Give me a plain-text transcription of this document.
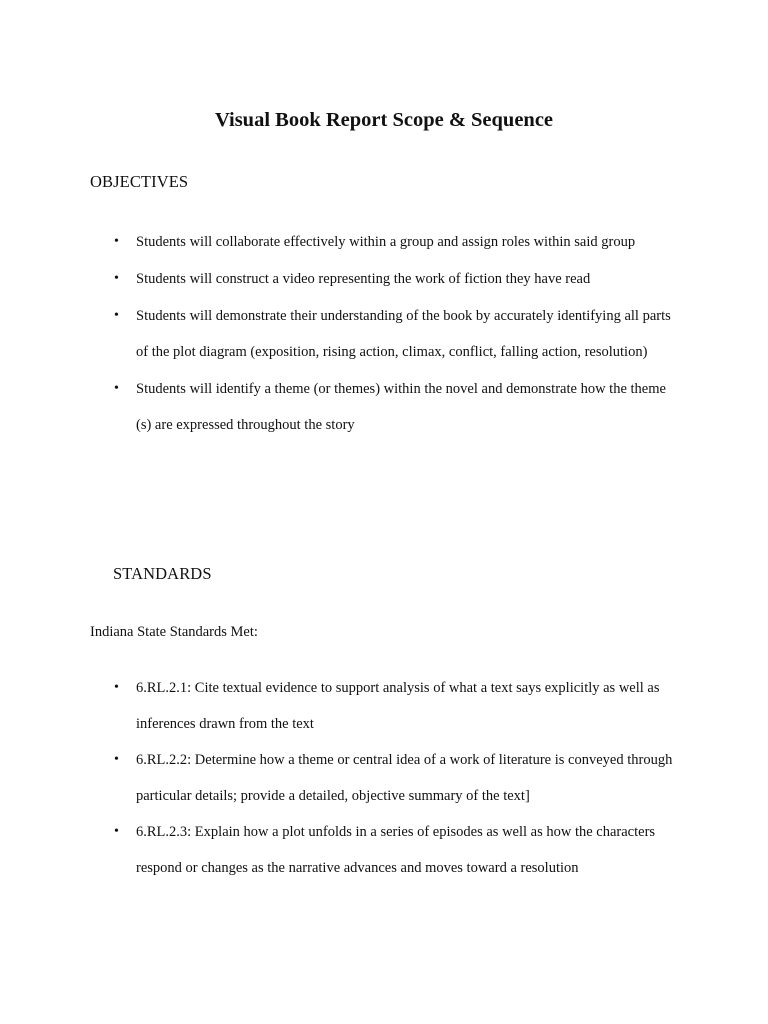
Visual Book Report Scope & Sequence
OBJECTIVES
• Students will collaborate effectively within a group and assign roles within said group
• Students will construct a video representing the work of fiction they have read
• Students will demonstrate their understanding of the book by accurately identifying all parts of the plot diagram (exposition, rising action, climax, conflict, falling action, resolution)
• Students will identify a theme (or themes) within the novel and demonstrate how the theme (s) are expressed throughout the story
STANDARDS

Indiana State Standards Met:

• 6.RL.2.1: Cite textual evidence to support analysis of what a text says explicitly as well as inferences drawn from the text
• 6.RL.2.2: Determine how a theme or central idea of a work of literature is conveyed through particular details; provide a detailed, objective summary of the text]
• 6.RL.2.3: Explain how a plot unfolds in a series of episodes as well as how the characters respond or changes as the narrative advances and moves toward a resolution
